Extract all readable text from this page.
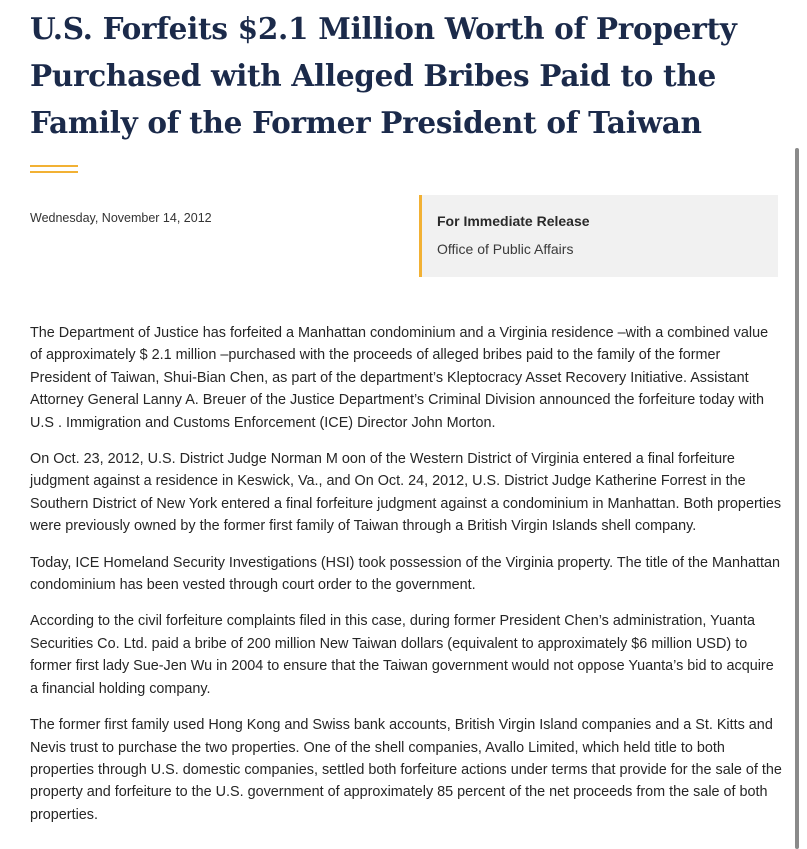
U.S. Forfeits $2.1 Million Worth of Property
Purchased with Alleged Bribes Paid to the
Family of the Former President of Taiwan
Wednesday, November 14, 2012	For Immediate Release

Office of Public Affairs

The Department of Justice has forfeited a Manhattan condominium and a Virginia residence –with a combined value of approximately $ 2.1 million –purchased with the proceeds of alleged bribes paid to the family of the former President of Taiwan, Shui-Bian Chen, as part of the department’s Kleptocracy Asset Recovery Initiative. Assistant Attorney General Lanny A. Breuer of the Justice Department’s Criminal Division announced the forfeiture today with U.S . Immigration and Customs Enforcement (ICE) Director John Morton.

On Oct. 23, 2012, U.S. District Judge Norman M oon of the Western District of Virginia entered a final forfeiture judgment against a residence in Keswick, Va., and On Oct. 24, 2012, U.S. District Judge Katherine Forrest in the Southern District of New York entered a final forfeiture judgment against a condominium in Manhattan. Both properties were previously owned by the former first family of Taiwan through a British Virgin Islands shell company.

Today, ICE Homeland Security Investigations (HSI) took possession of the Virginia property. The title of the Manhattan condominium has been vested through court order to the government.

According to the civil forfeiture complaints filed in this case, during former President Chen’s administration, Yuanta Securities Co. Ltd. paid a bribe of 200 million New Taiwan dollars (equivalent to approximately $6 million USD) to former first lady Sue-Jen Wu in 2004 to ensure that the Taiwan government would not oppose Yuanta’s bid to acquire a financial holding company.

The former first family used Hong Kong and Swiss bank accounts, British Virgin Island companies and a St. Kitts and Nevis trust to purchase the two properties. One of the shell companies, Avallo Limited, which held title to both properties through U.S. domestic companies, settled both forfeiture actions under terms that provide for the sale of the property and forfeiture to the U.S. government of approximately 85 percent of the net proceeds from the sale of both properties.
